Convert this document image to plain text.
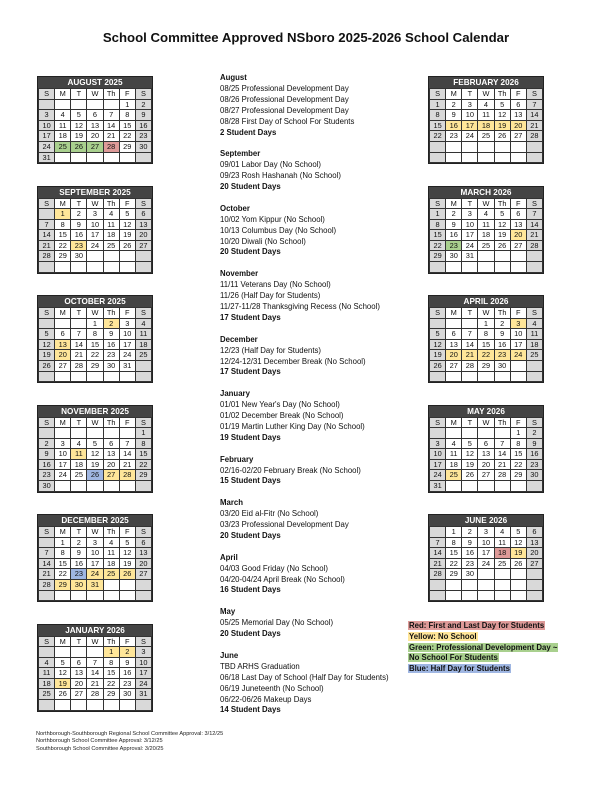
School Committee Approved NSboro 2025-2026 School Calendar
AUGUST 2025
S	M	T	W	Th	F	S
					1	2
3	4	5	6	7	8	9
10	11	12	13	14	15	16
17	18	19	20	21	22	23
24	25	26	27	28	29	30
31						
SEPTEMBER 2025
S	M	T	W	Th	F	S
	1	2	3	4	5	6
7	8	9	10	11	12	13
14	15	16	17	18	19	20
21	22	23	24	25	26	27
28	29	30				

OCTOBER 2025
S	M	T	W	Th	F	S
			1	2	3	4
5	6	7	8	9	10	11
12	13	14	15	16	17	18
19	20	21	22	23	24	25
26	27	28	29	30	31	

NOVEMBER 2025
S	M	T	W	Th	F	S
						1
2	3	4	5	6	7	8
9	10	11	12	13	14	15
16	17	18	19	20	21	22
23	24	25	26	27	28	29
30						
DECEMBER 2025
S	M	T	W	Th	F	S
	1	2	3	4	5	6
7	8	9	10	11	12	13
14	15	16	17	18	19	20
21	22	23	24	25	26	27
28	29	30	31			

JANUARY 2026
S	M	T	W	Th	F	S
				1	2	3
4	5	6	7	8	9	10
11	12	13	14	15	16	17
18	19	20	21	22	23	24
25	26	27	28	29	30	31

FEBRUARY 2026
S	M	T	W	Th	F	S
1	2	3	4	5	6	7
8	9	10	11	12	13	14
15	16	17	18	19	20	21
22	23	24	25	26	27	28

MARCH 2026
S	M	T	W	Th	F	S
1	2	3	4	5	6	7
8	9	10	11	12	13	14
15	16	17	18	19	20	21
22	23	24	25	26	27	28
29	30	31				

APRIL 2026
S	M	T	W	Th	F	S
			1	2	3	4
5	6	7	8	9	10	11
12	13	14	15	16	17	18
19	20	21	22	23	24	25
26	27	28	29	30		

MAY 2026
S	M	T	W	Th	F	S
					1	2
3	4	5	6	7	8	9
10	11	12	13	14	15	16
17	18	19	20	21	22	23
24	25	26	27	28	29	30
31						
JUNE 2026
	1	2	3	4	5	6
7	8	9	10	11	12	13
14	15	16	17	18	19	20
21	22	23	24	25	26	27
28	29	30				

August
08/25 Professional Development Day
08/26 Professional Development Day
08/27 Professional Development Day
08/28 First Day of School For Students
2 Student Days
September
09/01 Labor Day (No School)
09/23 Rosh Hashanah (No School)
20 Student Days
October
10/02 Yom Kippur (No School)
10/13 Columbus Day (No School)
10/20 Diwali (No School)
20 Student Days
November
11/11 Veterans Day (No School)
11/26 (Half Day for Students)
11/27-11/28 Thanksgiving Recess (No School)
17 Student Days
December
12/23 (Half Day for Students)
12/24-12/31 December Break (No School)
17 Student Days
January
01/01 New Year's Day (No School)
01/02 December Break (No School)
01/19 Martin Luther King Day (No School)
19 Student Days
February
02/16-02/20 February Break (No School)
15 Student Days
March
03/20 Eid al-Fitr (No School)
03/23 Professional Development Day
20 Student Days
April
04/03 Good Friday (No School)
04/20-04/24 April Break (No School)
16 Student Days
May
05/25 Memorial Day (No School)
20 Student Days
June
TBD ARHS Graduation
06/18 Last Day of School (Half Day for Students)
06/19 Juneteenth (No School)
06/22-06/26 Makeup Days
14 Student Days
Red: First and Last Day for Students
Yellow: No School
Green: Professional Development Day ~
No School For Students
Blue: Half Day for Students
Northborough-Southborough Regional School Committee Approval: 3/12/25
Northborough School Committee Approval: 3/12/25
Southborough School Committee Approval: 3/20/25
